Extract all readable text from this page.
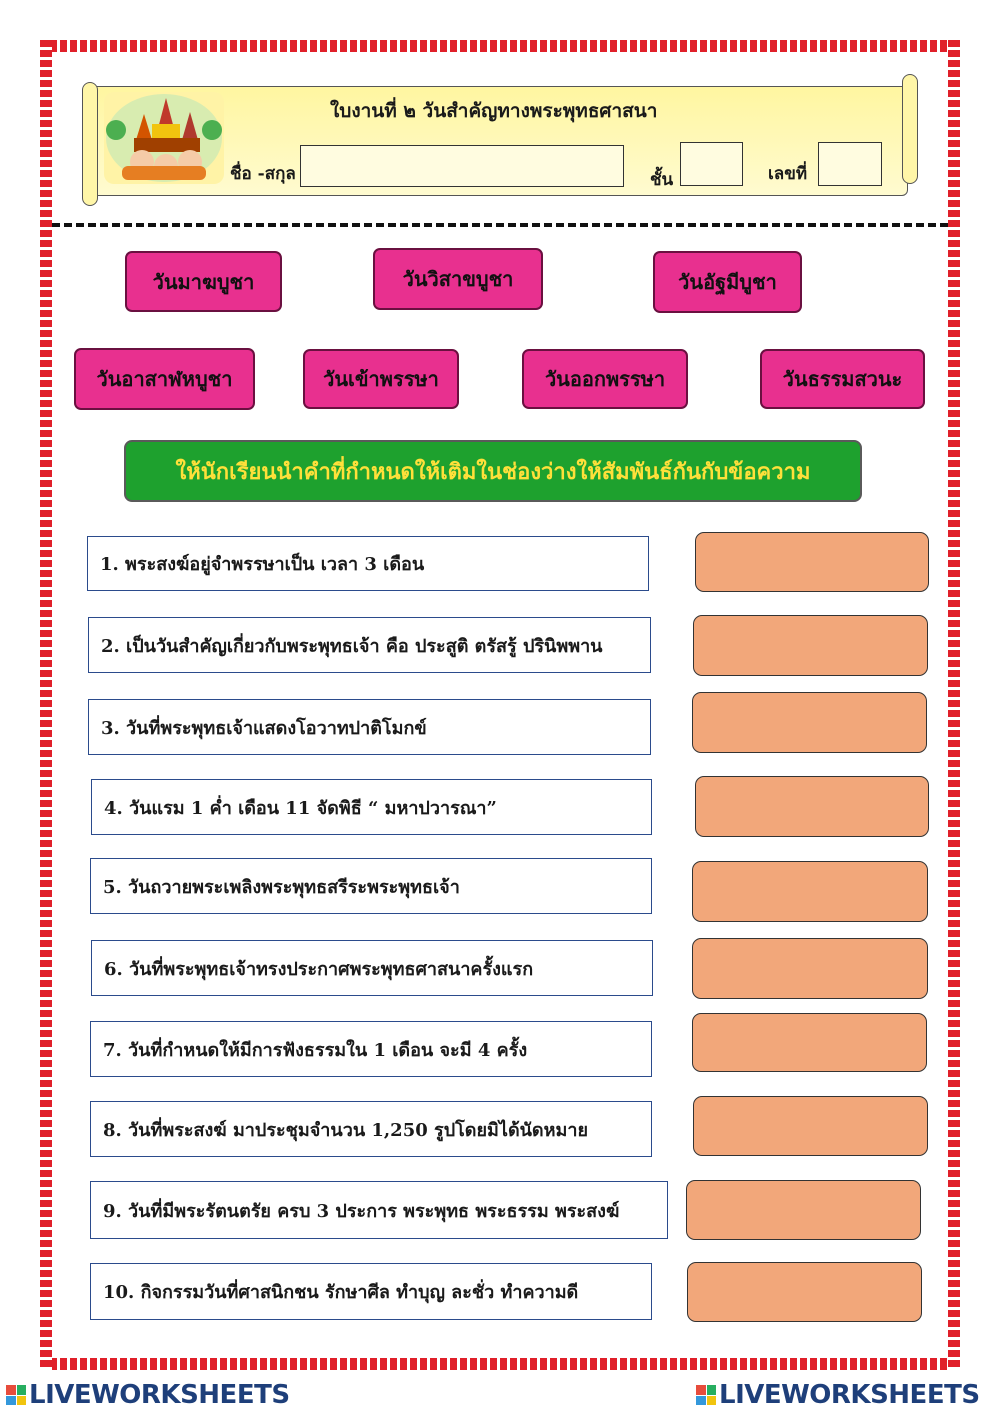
ใบงานที่ ๒ วันสำคัญทางพระพุทธศาสนา
ชื่อ -สกุล	ชั้น	เลขที่
วันมาฆบูชา	วันวิสาขบูชา	วันอัฐมีบูชา
วันอาสาฬหบูชา	วันเข้าพรรษา	วันออกพรรษา	วันธรรมสวนะ
ให้นักเรียนนำคำที่กำหนดให้เติมในช่องว่างให้สัมพันธ์กันกับข้อความ
1. พระสงฆ์อยู่จำพรรษาเป็น เวลา 3 เดือน
2. เป็นวันสำคัญเกี่ยวกับพระพุทธเจ้า คือ ประสูติ ตรัสรู้ ปรินิพพาน
3. วันที่พระพุทธเจ้าแสดงโอวาทปาติโมกข์
4. วันแรม 1 ค่ำ เดือน 11 จัดพิธี “ มหาปวารณา”
5. วันถวายพระเพลิงพระพุทธสรีระพระพุทธเจ้า
6. วันที่พระพุทธเจ้าทรงประกาศพระพุทธศาสนาครั้งแรก
7. วันที่กำหนดให้มีการฟังธรรมใน 1 เดือน จะมี 4 ครั้ง
8. วันที่พระสงฆ์ มาประชุมจำนวน 1,250 รูปโดยมิได้นัดหมาย
9. วันที่มีพระรัตนตรัย ครบ 3 ประการ พระพุทธ พระธรรม พระสงฆ์
10. กิจกรรมวันที่ศาสนิกชน รักษาศีล ทำบุญ ละชั่ว ทำความดี
LIVEWORKSHEETS	LIVEWORKSHEETS
